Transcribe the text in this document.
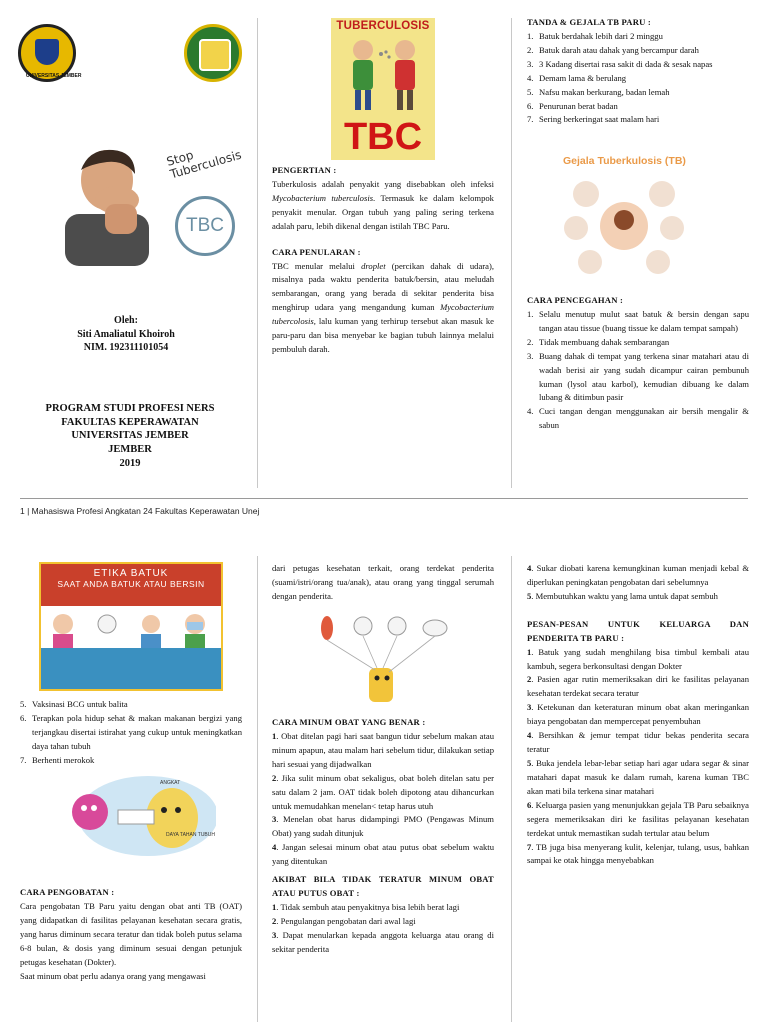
UNIVERSITAS JEMBER
Stop Tuberculosis
TBC
Oleh:
Siti Amaliatul Khoiroh
NIM. 192311101054
PROGRAM STUDI PROFESI NERS
FAKULTAS KEPERAWATAN
UNIVERSITAS JEMBER
JEMBER
2019
TUBERCULOSIS
TBC
PENGERTIAN :

Tuberkulosis adalah penyakit yang disebabkan oleh infeksi Mycobacterium tuberculosis. Termasuk ke dalam kelompok penyakit menular. Organ tubuh yang paling sering terkena adalah paru, lebih dikenal dengan istilah TBC Paru.

CARA PENULARAN :

TBC menular melalui droplet (percikan dahak di udara), misalnya pada waktu penderita batuk/bersin, atau meludah sembarangan, orang yang berada di sekitar penderita bisa menghirup udara yang mengandung kuman Mycobacterium tubercolosis, lalu kuman yang terhirup tersebut akan masuk ke paru-paru dan bisa menyebar ke bagian tubuh lainnya melalui pembuluh darah.

TANDA & GEJALA TB PARU :
1. Batuk berdahak lebih dari 2 minggu
2. Batuk darah atau dahak yang bercampur darah
3. 3 Kadang disertai rasa sakit di dada & sesak napas
4. Demam lama & berulang
5. Nafsu makan berkurang, badan lemah
6. Penurunan berat badan
7. Sering berkeringat saat malam hari
Gejala Tuberkulosis (TB)
CARA PENCEGAHAN :
1. Selalu menutup mulut saat batuk & bersin dengan sapu tangan atau tissue (buang tissue ke dalam tempat sampah)
2. Tidak membuang dahak sembarangan
3. Buang dahak di tempat yang terkena sinar matahari atau di wadah berisi air yang sudah dicampur cairan pembunuh kuman (lysol atau karbol), kemudian dibuang ke dalam lubang & ditimbun pasir
4. Cuci tangan dengan menggunakan air bersih mengalir & sabun
1 | Mahasiswa Profesi Angkatan 24 Fakultas Keperawatan Unej
ETIKA BATUK
SAAT ANDA BATUK ATAU BERSIN
5. Vaksinasi BCG untuk balita
6. Terapkan pola hidup sehat & makan makanan bergizi yang terjangkau disertai istirahat yang cukup untuk meningkatkan daya tahan tubuh
7. Berhenti merokok
ANGKAT
DAYA TAHAN TUBUH
CARA PENGOBATAN :

Cara pengobatan TB Paru yaitu dengan obat anti TB (OAT) yang didapatkan di fasilitas pelayanan kesehatan secara gratis, yang harus diminum secara teratur dan tidak boleh putus selama 6-8 bulan, & dosis yang diminum sesuai dengan petunjuk petugas kesehatan (Dokter).

Saat minum obat perlu adanya orang yang mengawasi

dari petugas kesehatan terkait, orang terdekat penderita (suami/istri/orang tua/anak), atau orang yang tinggal serumah dengan penderita.

CARA MINUM OBAT YANG BENAR :
1. Obat ditelan pagi hari saat bangun tidur sebelum makan atau minum apapun, atau malam hari sebelum tidur, dilakukan setiap hari sesuai yang dijadwalkan
2. Jika sulit minum obat sekaligus, obat boleh ditelan satu per satu dalam 2 jam. OAT tidak boleh dipotong atau dihancurkan untuk memudahkan menelan< tetap harus utuh
3. Menelan obat harus didampingi PMO (Pengawas Minum Obat) yang sudah ditunjuk
4. Jangan selesai minum obat atau putus obat sebelum waktu yang ditentukan
AKIBAT BILA TIDAK TERATUR MINUM OBAT ATAU PUTUS OBAT :
1. Tidak sembuh atau penyakitnya bisa lebih berat lagi
2. Pengulangan pengobatan dari awal lagi
3. Dapat menularkan kepada anggota keluarga atau orang di sekitar penderita
4. Sukar diobati karena kemungkinan kuman menjadi kebal & diperlukan peningkatan pengobatan dari sebelumnya
5. Membutuhkan waktu yang lama untuk dapat sembuh
PESAN-PESAN UNTUK KELUARGA DAN PENDERITA TB PARU :
1. Batuk yang sudah menghilang bisa timbul kembali atau kambuh, segera berkonsultasi dengan Dokter
2. Pasien agar rutin memeriksakan diri ke fasilitas pelayanan kesehatan terdekat secara teratur
3. Ketekunan dan keteraturan minum obat akan meringankan biaya pengobatan dan mempercepat penyembuhan
4. Bersihkan & jemur tempat tidur bekas penderita secara teratur
5. Buka jendela lebar-lebar setiap hari agar udara segar & sinar matahari dapat masuk ke dalam rumah, karena kuman TBC akan mati bila terkena sinar matahari
6. Keluarga pasien yang menunjukkan gejala TB Paru sebaiknya segera memeriksakan diri ke fasilitas pelayanan kesehatan terdekat untuk memastikan sudah tertular atau belum
7. TB juga bisa menyerang kulit, kelenjar, tulang, usus, bahkan sampai ke otak hingga menyebabkan
